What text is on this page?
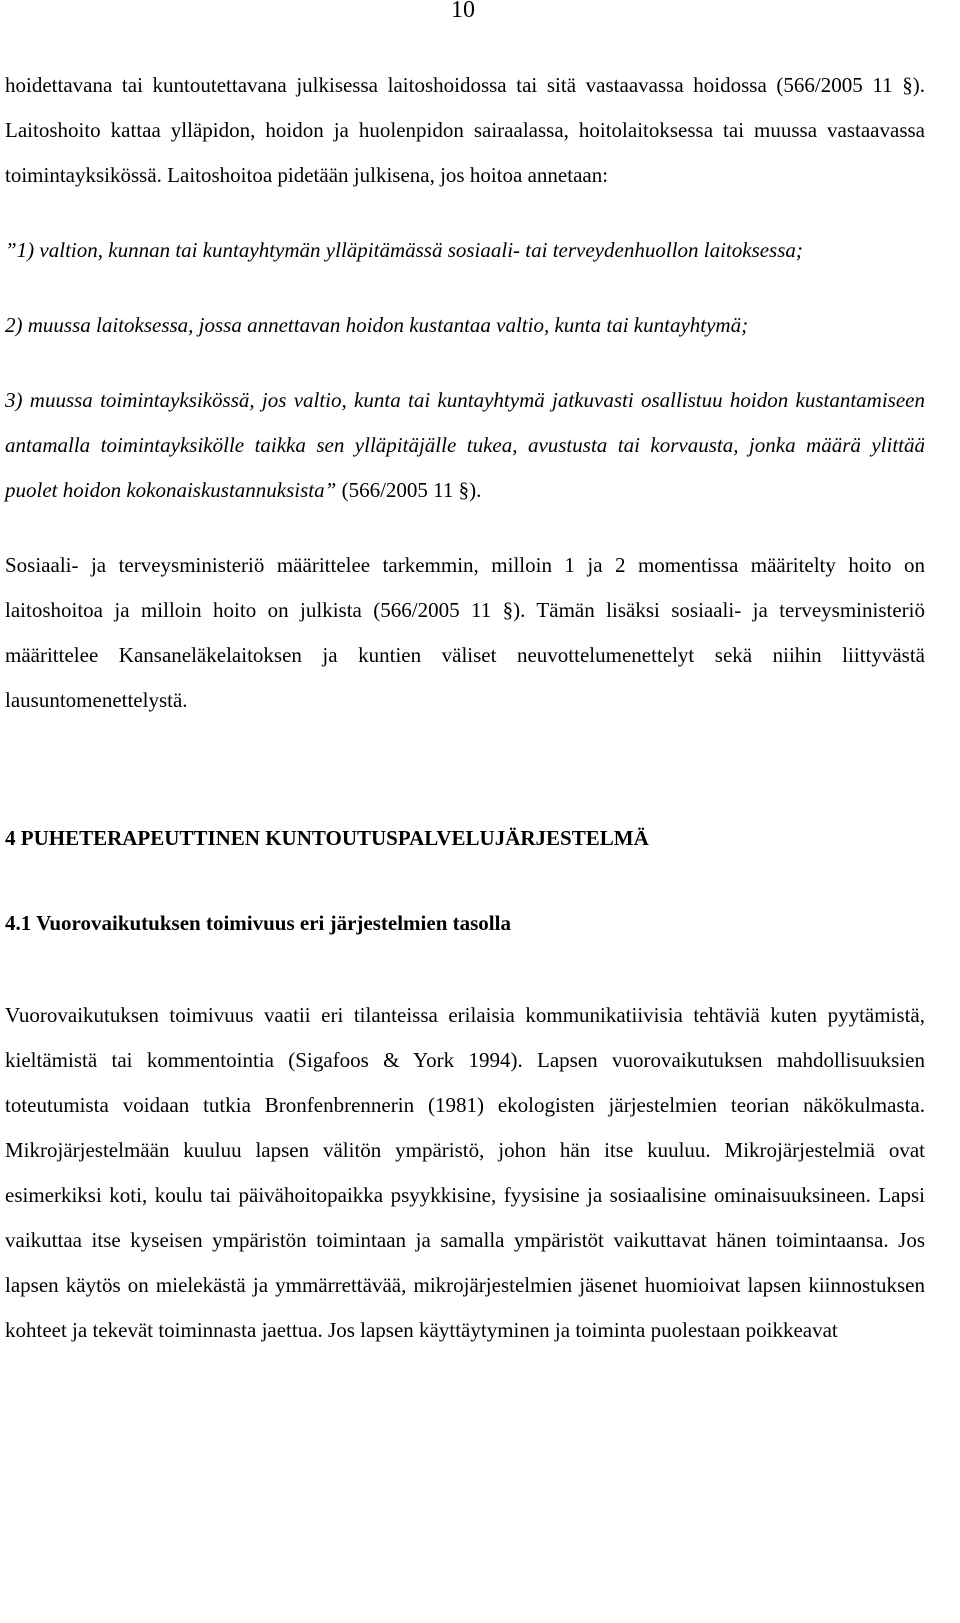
10

hoidettavana tai kuntoutettavana julkisessa laitoshoidossa tai sitä vastaavassa hoidossa (566/2005 11 §). Laitoshoito kattaa ylläpidon, hoidon ja huolenpidon sairaalassa, hoitolaitoksessa tai muussa vastaavassa toimintayksikössä. Laitoshoitoa pidetään julkisena, jos hoitoa annetaan:

”1) valtion, kunnan tai kuntayhtymän ylläpitämässä sosiaali- tai terveydenhuollon laitoksessa;

2) muussa laitoksessa, jossa annettavan hoidon kustantaa valtio, kunta tai kuntayhtymä;

3) muussa toimintayksikössä, jos valtio, kunta tai kuntayhtymä jatkuvasti osallistuu hoidon kustantamiseen antamalla toimintayksikölle taikka sen ylläpitäjälle tukea, avustusta tai korvausta, jonka määrä ylittää puolet hoidon kokonaiskustannuksista” (566/2005 11 §).

Sosiaali- ja terveysministeriö määrittelee tarkemmin, milloin 1 ja 2 momentissa määritelty hoito on laitoshoitoa ja milloin hoito on julkista (566/2005 11 §). Tämän lisäksi sosiaali- ja terveysministeriö määrittelee Kansaneläkelaitoksen ja kuntien väliset neuvottelumenettelyt sekä niihin liittyvästä lausuntomenettelystä.

4 PUHETERAPEUTTINEN KUNTOUTUSPALVELUJÄRJESTELMÄ
4.1 Vuorovaikutuksen toimivuus eri järjestelmien tasolla

Vuorovaikutuksen toimivuus vaatii eri tilanteissa erilaisia kommunikatiivisia tehtäviä kuten pyytämistä, kieltämistä tai kommentointia (Sigafoos & York 1994). Lapsen vuorovaikutuksen mahdollisuuksien toteutumista voidaan tutkia Bronfenbrennerin (1981) ekologisten järjestelmien teorian näkökulmasta. Mikrojärjestelmään kuuluu lapsen välitön ympäristö, johon hän itse kuuluu. Mikrojärjestelmiä ovat esimerkiksi koti, koulu tai päivähoitopaikka psyykkisine, fyysisine ja sosiaalisine ominaisuuksineen. Lapsi vaikuttaa itse kyseisen ympäristön toimintaan ja samalla ympäristöt vaikuttavat hänen toimintaansa. Jos lapsen käytös on mielekästä ja ymmärrettävää, mikrojärjestelmien jäsenet huomioivat lapsen kiinnostuksen kohteet ja tekevät toiminnasta jaettua. Jos lapsen käyttäytyminen ja toiminta puolestaan poikkeavat
